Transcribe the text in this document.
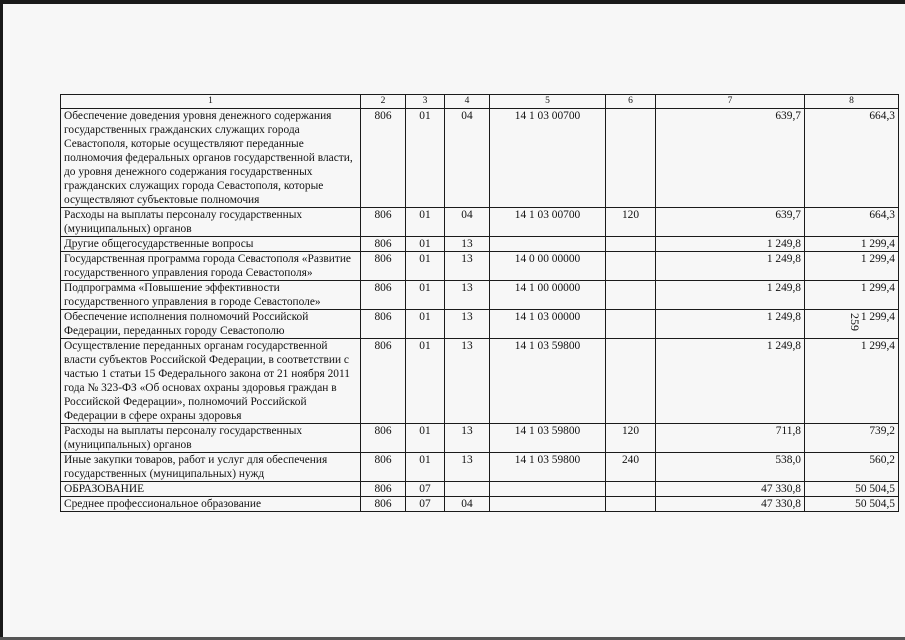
259
1	2	3	4	5	6	7	8
Обеспечение доведения уровня денежного содержания государственных гражданских служащих города Севастополя, которые осуществляют переданные полномочия федеральных органов государственной власти, до уровня денежного содержания государственных гражданских служащих города Севастополя, которые осуществляют субъектовые полномочия	806	01	04	14 1 03 00700		639,7	664,3
Расходы на выплаты персоналу государственных (муниципальных) органов	806	01	04	14 1 03 00700	120	639,7	664,3
Другие общегосударственные вопросы	806	01	13			1 249,8	1 299,4
Государственная программа города Севастополя «Развитие государственного управления города Севастополя»	806	01	13	14 0 00 00000		1 249,8	1 299,4
Подпрограмма «Повышение эффективности государственного управления в городе Севастополе»	806	01	13	14 1 00 00000		1 249,8	1 299,4
Обеспечение исполнения полномочий Российской Федерации, переданных городу Севастополю	806	01	13	14 1 03 00000		1 249,8	1 299,4
Осуществление переданных органам государственной власти субъектов Российской Федерации, в соответствии с частью 1 статьи 15 Федерального закона от 21 ноября 2011 года № 323-ФЗ «Об основах охраны здоровья граждан в Российской Федерации», полномочий Российской Федерации в сфере охраны здоровья	806	01	13	14 1 03 59800		1 249,8	1 299,4
Расходы на выплаты персоналу государственных (муниципальных) органов	806	01	13	14 1 03 59800	120	711,8	739,2
Иные закупки товаров, работ и услуг для обеспечения государственных (муниципальных) нужд	806	01	13	14 1 03 59800	240	538,0	560,2
ОБРАЗОВАНИЕ	806	07				47 330,8	50 504,5
Среднее профессиональное образование	806	07	04			47 330,8	50 504,5
